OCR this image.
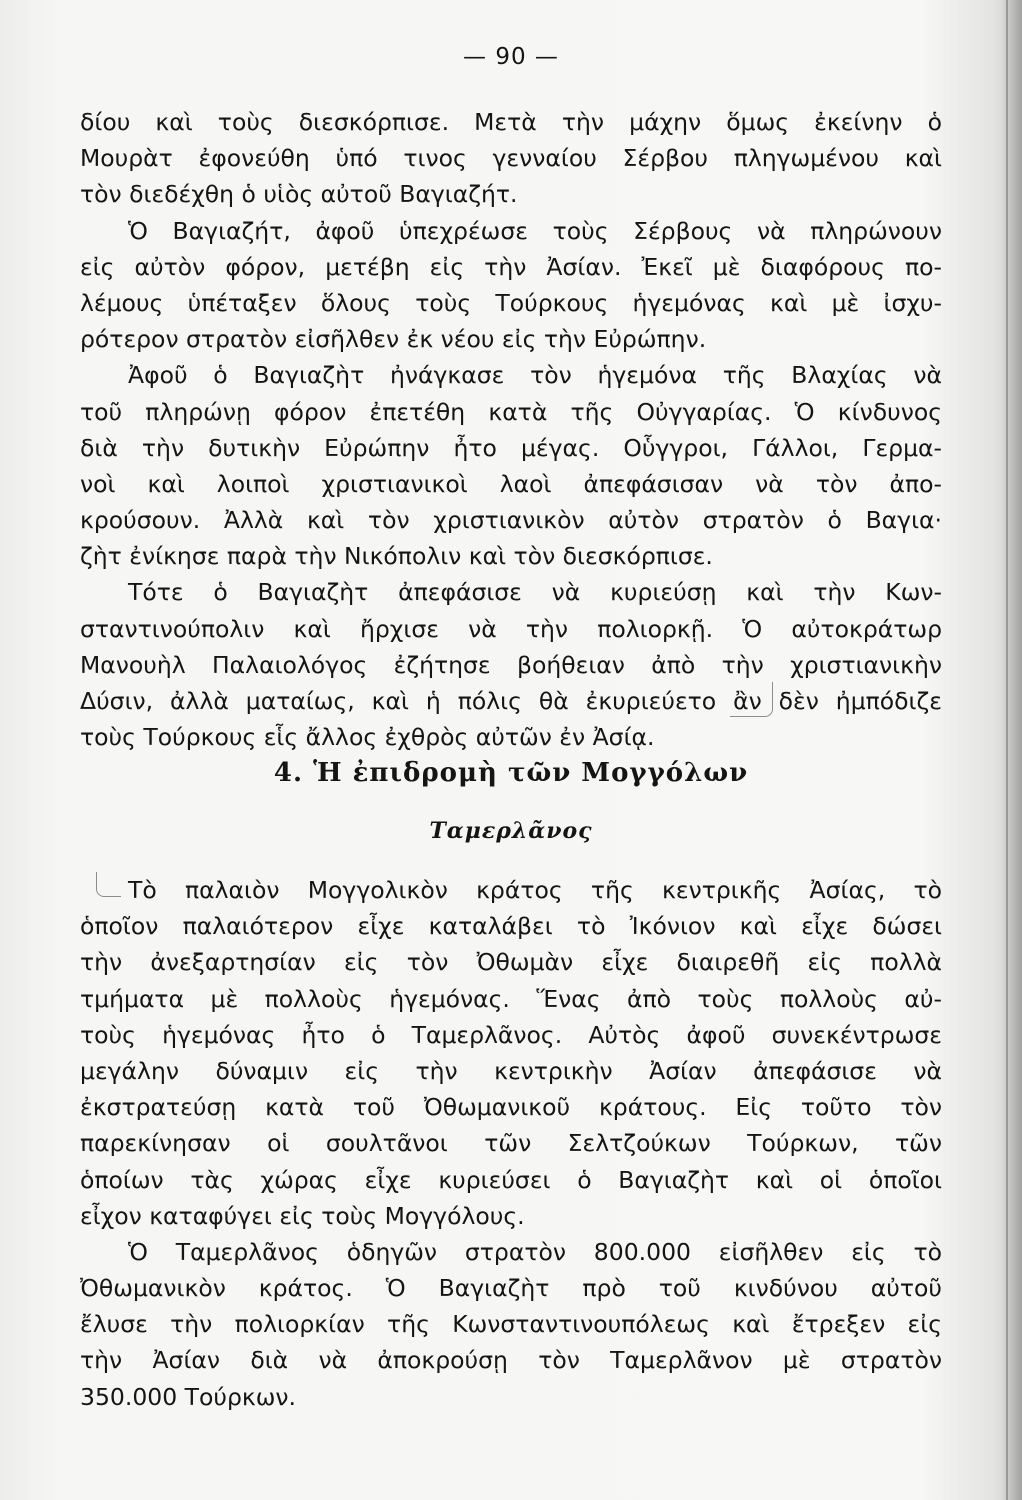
— 90 —
δίου καὶ τοὺς διεσκόρπισε. Μετὰ τὴν μάχην ὅμως ἐκείνην ὁ
Μουρὰτ ἐφονεύθη ὑπό τινος γενναίου Σέρβου πληγωμένου καὶ
τὸν διεδέχθη ὁ υἱὸς αὐτοῦ Βαγιαζήτ.
Ὁ Βαγιαζήτ, ἀφοῦ ὑπεχρέωσε τοὺς Σέρβους νὰ πληρώνουν
εἰς αὐτὸν φόρον, μετέβη εἰς τὴν Ἀσίαν. Ἐκεῖ μὲ διαφόρους πο-
λέμους ὑπέταξεν ὅλους τοὺς Τούρκους ἡγεμόνας καὶ μὲ ἰσχυ-
ρότερον στρατὸν εἰσῆλθεν ἐκ νέου εἰς τὴν Εὐρώπην.
Ἀφοῦ ὁ Βαγιαζὴτ ἠνάγκασε τὸν ἡγεμόνα τῆς Βλαχίας νὰ
τοῦ πληρώνῃ φόρον ἐπετέθη κατὰ τῆς Οὐγγαρίας. Ὁ κίνδυνος
διὰ τὴν δυτικὴν Εὐρώπην ἦτο μέγας. Οὗγγροι, Γάλλοι, Γερμα-
νοὶ καὶ λοιποὶ χριστιανικοὶ λαοὶ ἀπεφάσισαν νὰ τὸν ἀπο-
κρούσουν. Ἀλλὰ καὶ τὸν χριστιανικὸν αὐτὸν στρατὸν ὁ Βαγια·
ζὴτ ἐνίκησε παρὰ τὴν Νικόπολιν καὶ τὸν διεσκόρπισε.
Τότε ὁ Βαγιαζὴτ ἀπεφάσισε νὰ κυριεύσῃ καὶ τὴν Κων-
σταντινούπολιν καὶ ἤρχισε νὰ τὴν πολιορκῇ. Ὁ αὐτοκράτωρ
Μανουὴλ Παλαιολόγος ἐζήτησε βοήθειαν ἀπὸ τὴν χριστιανικὴν
Δύσιν, ἀλλὰ ματαίως, καὶ ἡ πόλις θὰ ἐκυριεύετο ἂν δὲν ἠμπόδιζε
τοὺς Τούρκους εἷς ἄλλος ἐχθρὸς αὐτῶν ἐν Ἀσίᾳ.
4. Ἡ ἐπιδρομὴ τῶν Μογγόλων
Ταμερλᾶνος
Τὸ παλαιὸν Μογγολικὸν κράτος τῆς κεντρικῆς Ἀσίας, τὸ
ὁποῖον παλαιότερον εἶχε καταλάβει τὸ Ἰκόνιον καὶ εἶχε δώσει
τὴν ἀνεξαρτησίαν εἰς τὸν Ὀθωμὰν εἶχε διαιρεθῆ εἰς πολλὰ
τμήματα μὲ πολλοὺς ἡγεμόνας. Ἕνας ἀπὸ τοὺς πολλοὺς αὐ-
τοὺς ἡγεμόνας ἦτο ὁ Ταμερλᾶνος. Αὐτὸς ἀφοῦ συνεκέντρωσε
μεγάλην δύναμιν εἰς τὴν κεντρικὴν Ἀσίαν ἀπεφάσισε νὰ
ἐκστρατεύσῃ κατὰ τοῦ Ὀθωμανικοῦ κράτους. Εἰς τοῦτο τὸν
παρεκίνησαν οἱ σουλτᾶνοι τῶν Σελτζούκων Τούρκων, τῶν
ὁποίων τὰς χώρας εἶχε κυριεύσει ὁ Βαγιαζὴτ καὶ οἱ ὁποῖοι
εἶχον καταφύγει εἰς τοὺς Μογγόλους.
Ὁ Ταμερλᾶνος ὁδηγῶν στρατὸν 800.000 εἰσῆλθεν εἰς τὸ
Ὀθωμανικὸν κράτος. Ὁ Βαγιαζὴτ πρὸ τοῦ κινδύνου αὐτοῦ
ἔλυσε τὴν πολιορκίαν τῆς Κωνσταντινουπόλεως καὶ ἔτρεξεν εἰς
τὴν Ἀσίαν διὰ νὰ ἀποκρούσῃ τὸν Ταμερλᾶνον μὲ στρατὸν
350.000 Τούρκων.
